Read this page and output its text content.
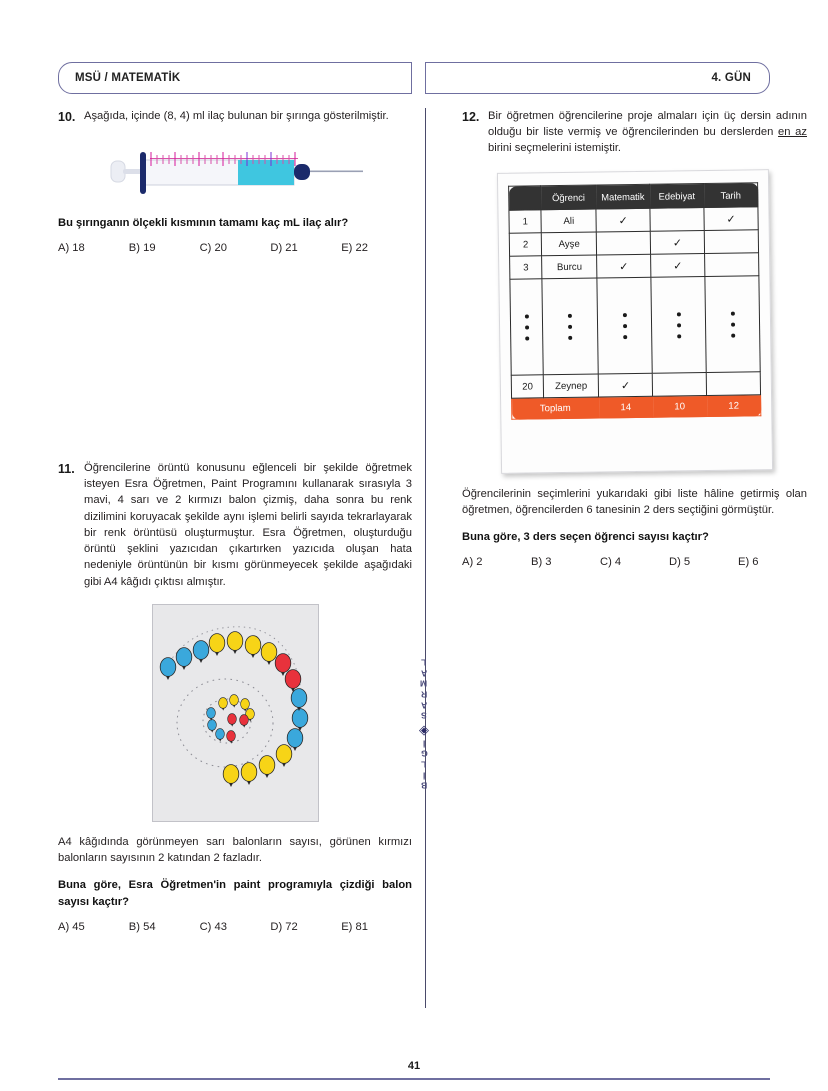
MSÜ / MATEMATİK	4. GÜN
10. Aşağıda, içinde (8, 4) ml ilaç bulunan bir şırınga gösterilmiştir.
Bu şırınganın ölçekli kısmının tamamı kaç mL ilaç alır?
A) 18	B) 19	C) 20	D) 21	E) 22
11. Öğrencilerine örüntü konusunu eğlenceli bir şekilde öğretmek isteyen Esra Öğretmen, Paint Programını kullanarak sırasıyla 3 mavi, 4 sarı ve 2 kırmızı balon çizmiş, daha sonra bu renk dizilimini koruyacak şekilde aynı işlemi belirli sayıda tekrarlayarak bir renk örüntüsü oluşturmuştur. Esra Öğretmen, oluşturduğu örüntü şeklini yazıcıdan çıkartırken yazıcıda oluşan hata nedeniyle örüntünün bir kısmı görünmeyecek şekilde aşağıdaki gibi A4 kâğıdı çıktısı almıştır.
A4 kâğıdında görünmeyen sarı balonların sayısı, görünen kırmızı balonların sayısının 2 katından 2 fazladır.
Buna göre, Esra Öğretmen'in paint programıyla çizdiği balon sayısı kaçtır?
A) 45	B) 54	C) 43	D) 72	E) 81
12. Bir öğretmen öğrencilerine proje almaları için üç dersin adının olduğu bir liste vermiş ve öğrencilerinden bu derslerden en az birini seçmelerini istemiştir.
	Öğrenci	Matematik	Edebiyat	Tarih
1	Ali	✓		✓
2	Ayşe		✓	
3	Burcu	✓	✓	

20	Zeynep	✓		
Toplam		14	10	12
Öğrencilerinin seçimlerini yukarıdaki gibi liste hâline getirmiş olan öğretmen, öğrencilerden 6 tanesinin 2 ders seçtiğini görmüştür.
Buna göre, 3 ders seçen öğrenci sayısı kaçtır?
A) 2	B) 3	C) 4	D) 5	E) 6
L
A
M
R
A
S
◈
İ
G
L
İ
B
41
